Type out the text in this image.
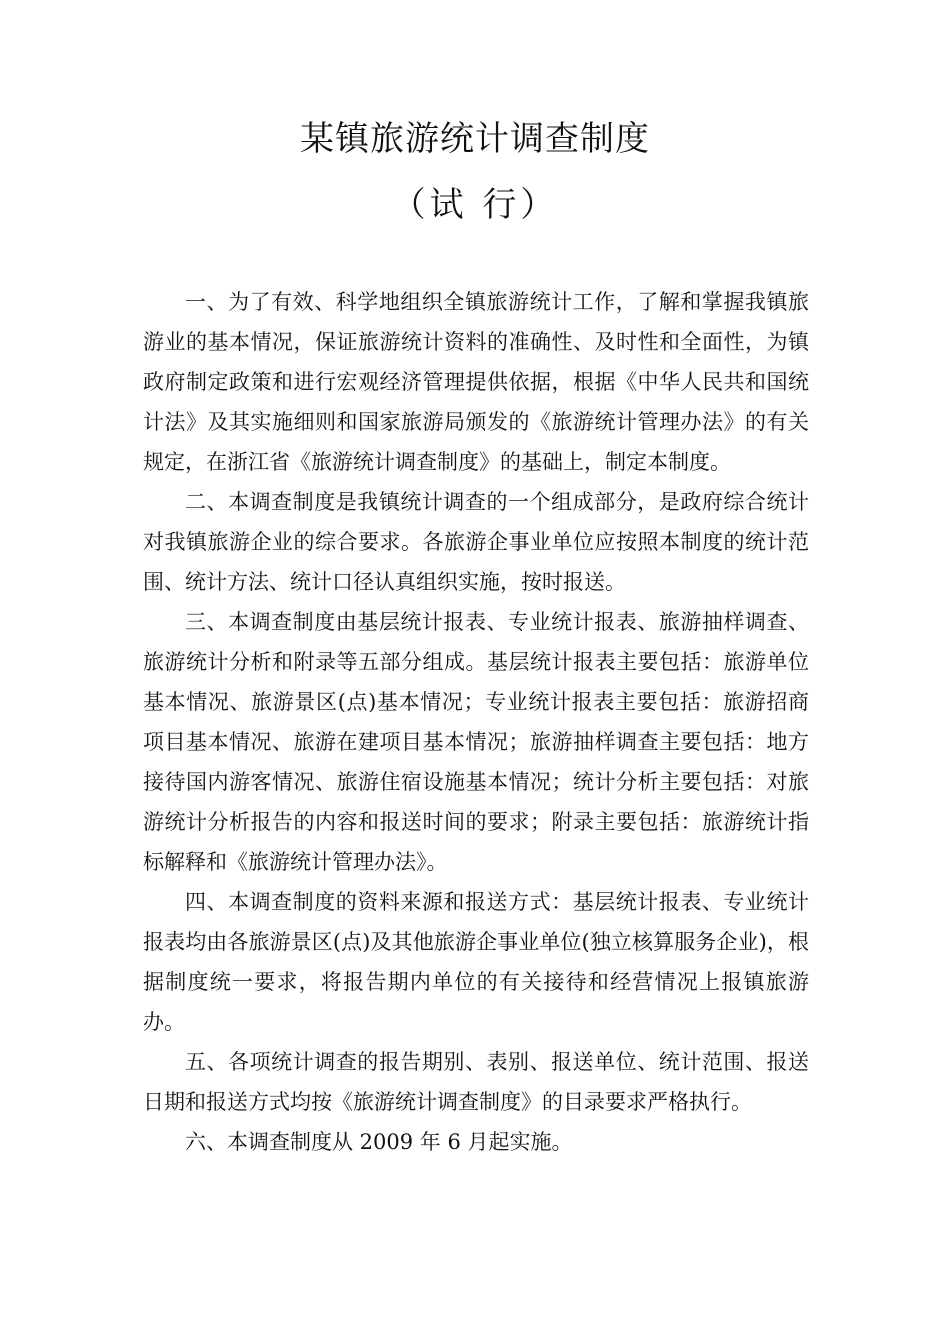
某镇旅游统计调查制度
（试 行）

一、为了有效、科学地组织全镇旅游统计工作，了解和掌握我镇旅游业的基本情况，保证旅游统计资料的准确性、及时性和全面性，为镇政府制定政策和进行宏观经济管理提供依据，根据《中华人民共和国统计法》及其实施细则和国家旅游局颁发的《旅游统计管理办法》的有关规定，在浙江省《旅游统计调查制度》的基础上，制定本制度。

二、本调查制度是我镇统计调查的一个组成部分，是政府综合统计对我镇旅游企业的综合要求。各旅游企事业单位应按照本制度的统计范围、统计方法、统计口径认真组织实施，按时报送。

三、本调查制度由基层统计报表、专业统计报表、旅游抽样调查、旅游统计分析和附录等五部分组成。基层统计报表主要包括：旅游单位基本情况、旅游景区(点)基本情况；专业统计报表主要包括：旅游招商项目基本情况、旅游在建项目基本情况；旅游抽样调查主要包括：地方接待国内游客情况、旅游住宿设施基本情况；统计分析主要包括：对旅游统计分析报告的内容和报送时间的要求；附录主要包括：旅游统计指标解释和《旅游统计管理办法》。

四、本调查制度的资料来源和报送方式：基层统计报表、专业统计报表均由各旅游景区(点)及其他旅游企事业单位(独立核算服务企业)，根据制度统一要求，将报告期内单位的有关接待和经营情况上报镇旅游办。

五、各项统计调查的报告期别、表别、报送单位、统计范围、报送日期和报送方式均按《旅游统计调查制度》的目录要求严格执行。

六、本调查制度从 2009 年 6 月起实施。
